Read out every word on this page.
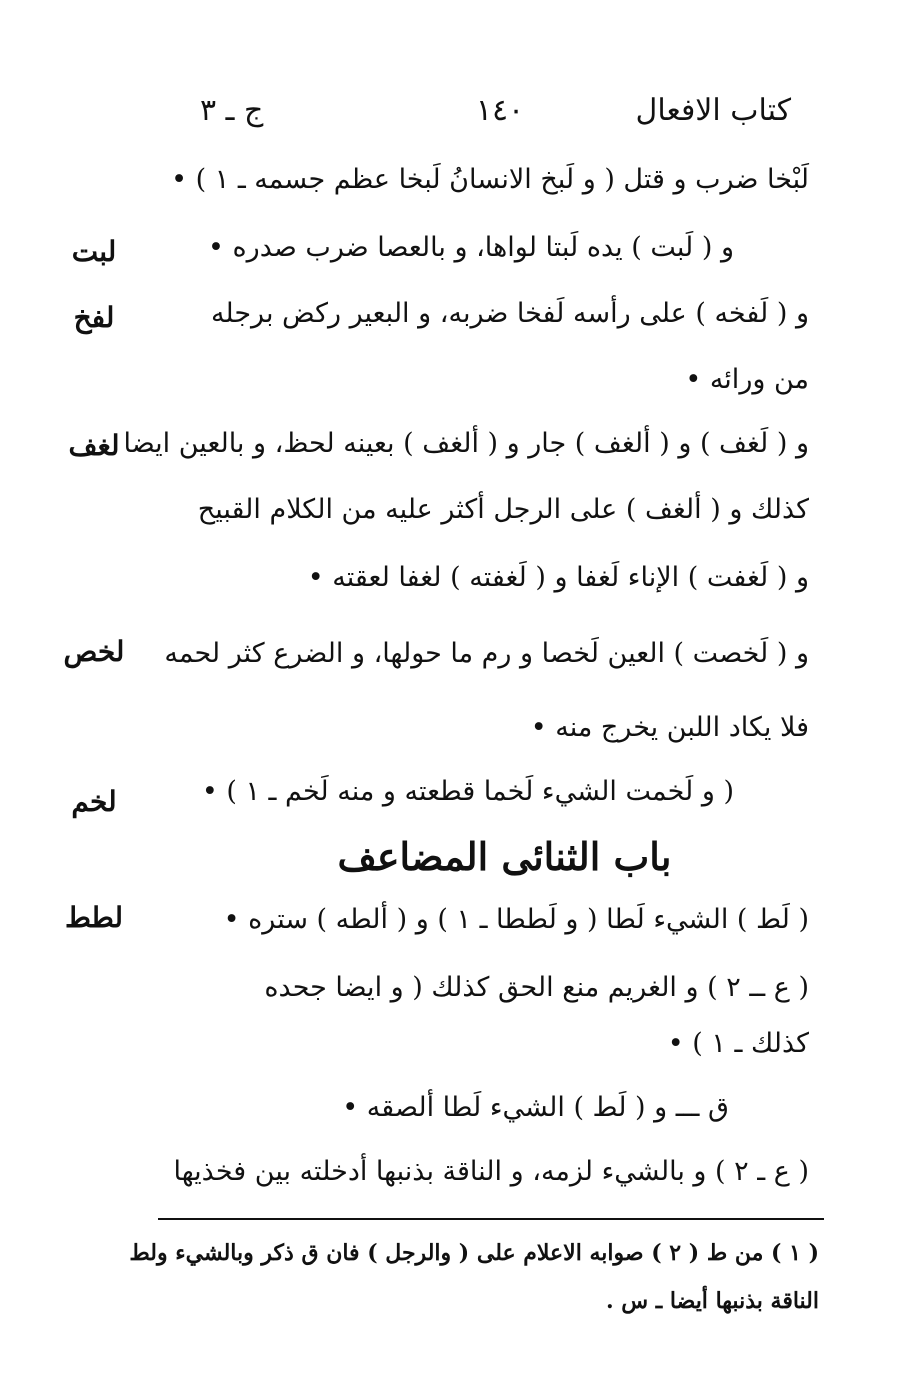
كتاب الافعال
١٤٠
ج ـ ٣
لَبْخا ضرب و قتل ( و لَبخ الانسانُ لَبخا عظم جسمه ـ ١ ) •
و ( لَبت ) يده لَبتا لواها، و بالعصا ضرب صدره •
و ( لَفخه ) على رأسه لَفخا ضربه، و البعير ركض برجله
من ورائه •
و ( لَغف ) و ( ألغف ) جار و ( ألغف ) بعينه لحظ، و بالعين ايضا
كذلك و ( ألغف ) على الرجل أكثر عليه من الكلام القبيح
و ( لَغفت ) الإناء لَغفا و ( لَغفته ) لغفا لعقته •
و ( لَخصت ) العين لَخصا و رم ما حولها، و الضرع كثر لحمه
فلا يكاد اللبن يخرج منه •
( و لَخمت الشيء لَخما قطعته و منه لَخم ـ ١ ) •
باب الثنائى المضاعف
( لَط ) الشيء لَطا ( و لَططا ـ ١ ) و ( ألطه ) ستره •
( ع ــ ٢ ) و الغريم منع الحق كذلك ( و ايضا جحده
كذلك ـ ١ ) •
ق ـــ و ( لَط ) الشيء لَطا ألصقه •
( ع ـ ٢ ) و بالشيء لزمه، و الناقة بذنبها أدخلته بين فخذيها
لبت
لفخ
لغف
لخص
لخم
لطط
( ١ ) من ط ( ٢ ) صوابه الاعلام على ( والرجل ) فان ق ذكر وبالشيء ولط
الناقة بذنبها أيضا ـ س .
